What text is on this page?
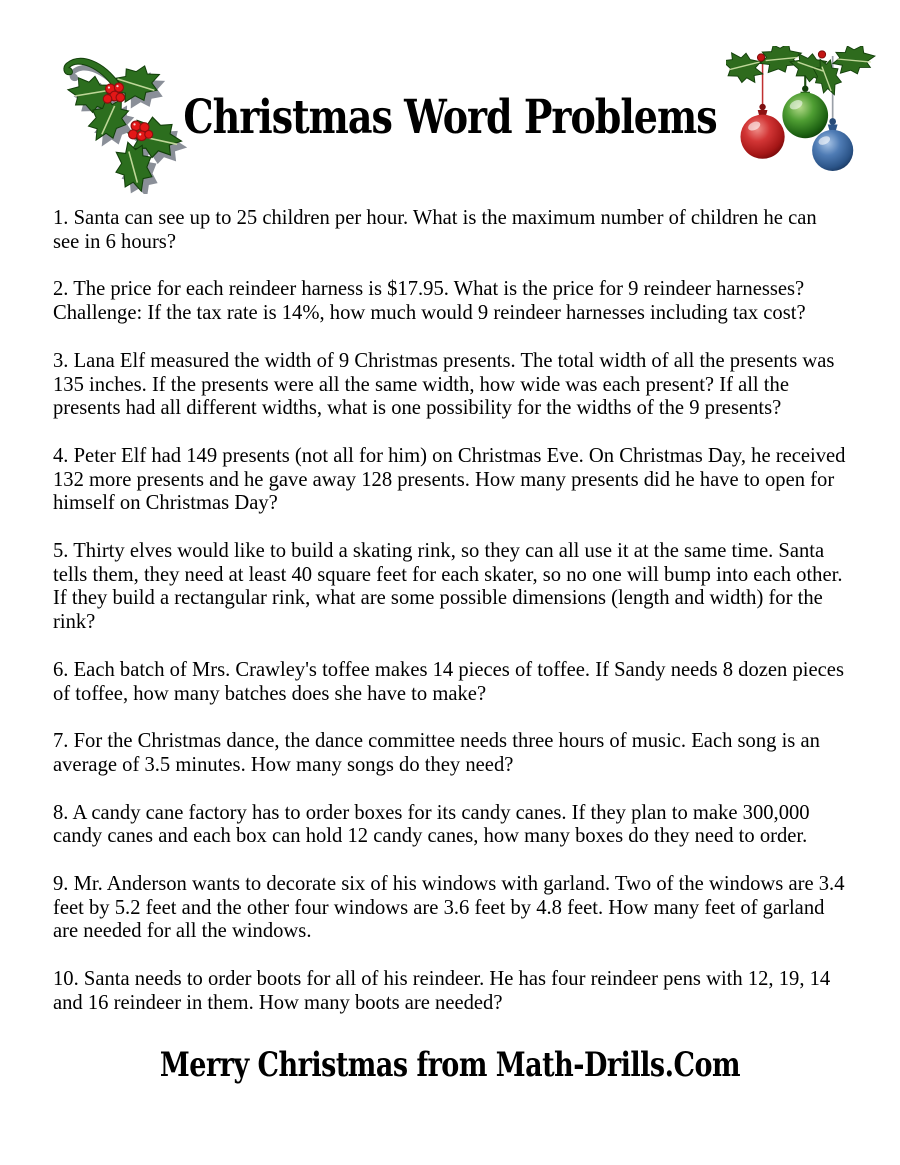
Christmas Word Problems

1. Santa can see up to 25 children per hour. What is the maximum number of children he can see in 6 hours?

2. The price for each reindeer harness is $17.95. What is the price for 9 reindeer harnesses? Challenge: If the tax rate is 14%, how much would 9 reindeer harnesses including tax cost?

3. Lana Elf measured the width of 9 Christmas presents. The total width of all the presents was 135 inches. If the presents were all the same width, how wide was each present? If all the presents had all different widths, what is one possibility for the widths of the 9 presents?

4. Peter Elf had 149 presents (not all for him) on Christmas Eve. On Christmas Day, he received 132 more presents and he gave away 128 presents. How many presents did he have to open for himself on Christmas Day?

5. Thirty elves would like to build a skating rink, so they can all use it at the same time. Santa tells them, they need at least 40 square feet for each skater, so no one will bump into each other. If they build a rectangular rink, what are some possible dimensions (length and width) for the rink?

6. Each batch of Mrs. Crawley's toffee makes 14 pieces of toffee. If Sandy needs 8 dozen pieces of toffee, how many batches does she have to make?

7. For the Christmas dance, the dance committee needs three hours of music. Each song is an average of 3.5 minutes. How many songs do they need?

8. A candy cane factory has to order boxes for its candy canes. If they plan to make 300,000 candy canes and each box can hold 12 candy canes, how many boxes do they need to order.

9. Mr. Anderson wants to decorate six of his windows with garland. Two of the windows are 3.4 feet by 5.2 feet and the other four windows are 3.6 feet by 4.8 feet. How many feet of garland are needed for all the windows.

10. Santa needs to order boots for all of his reindeer. He has four reindeer pens with 12, 19, 14 and 16 reindeer in them. How many boots are needed?

Merry Christmas from Math-Drills.Com
